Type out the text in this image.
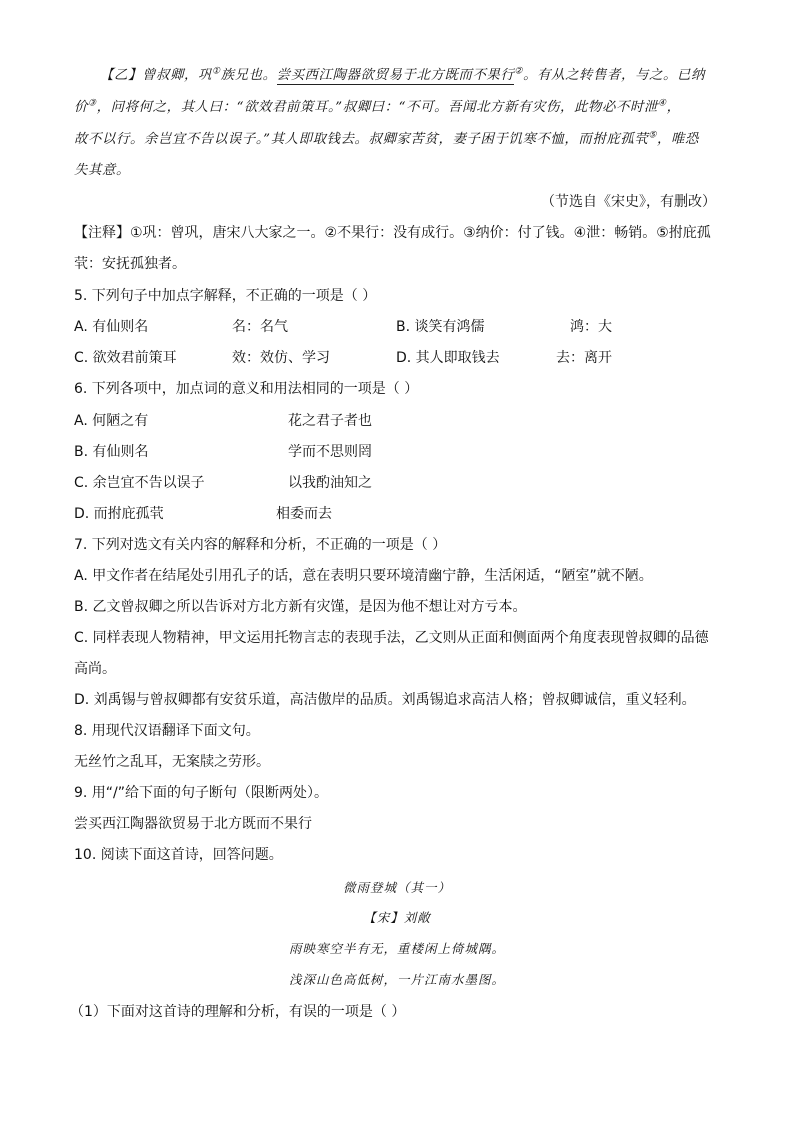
【乙】曾叔卿，巩①族兄也。尝买西江陶器欲贸易于北方既而不果行②。有从之转售者，与之。已纳
价③，问将何之，其人曰：“欲效君前策耳。”叔卿曰：“不可。吾闻北方新有灾伤，此物必不时泄④，
故不以行。余岂宜不告以误子。”其人即取钱去。叔卿家苦贫，妻子困于饥寒不恤，而拊庇孤茕⑤，唯恐
失其意。
（节选自《宋史》，有删改）
【注释】①巩：曾巩，唐宋八大家之一。②不果行：没有成行。③纳价：付了钱。④泄：畅销。⑤拊庇孤
茕：安抚孤独者。
5. 下列句子中加点字解释，不正确的一项是（ ）
A. 有仙则名	名：名气	B. 谈笑有鸿儒	鸿：大
C. 欲效君前策耳	效：效仿、学习	D. 其人即取钱去	去：离开
6. 下列各项中，加点词的意义和用法相同的一项是（ ）
A. 何陋之有	花之君子者也
B. 有仙则名	学而不思则罔
C. 余岂宜不告以误子	以我酌油知之
D. 而拊庇孤茕	相委而去
7. 下列对选文有关内容的解释和分析，不正确的一项是（ ）
A. 甲文作者在结尾处引用孔子的话，意在表明只要环境清幽宁静，生活闲适，“陋室”就不陋。
B. 乙文曾叔卿之所以告诉对方北方新有灾馑，是因为他不想让对方亏本。
C. 同样表现人物精神，甲文运用托物言志的表现手法，乙文则从正面和侧面两个角度表现曾叔卿的品德
高尚。
D. 刘禹锡与曾叔卿都有安贫乐道，高洁傲岸的品质。刘禹锡追求高洁人格；曾叔卿诚信，重义轻利。
8. 用现代汉语翻译下面文句。
无丝竹之乱耳，无案牍之劳形。
9. 用“/”给下面的句子断句（限断两处）。
尝买西江陶器欲贸易于北方既而不果行
10. 阅读下面这首诗，回答问题。
微雨登城（其一）
【宋】刘敞
雨映寒空半有无，重楼闲上倚城隅。
浅深山色高低树，一片江南水墨图。
（1）下面对这首诗的理解和分析，有误的一项是（ ）
